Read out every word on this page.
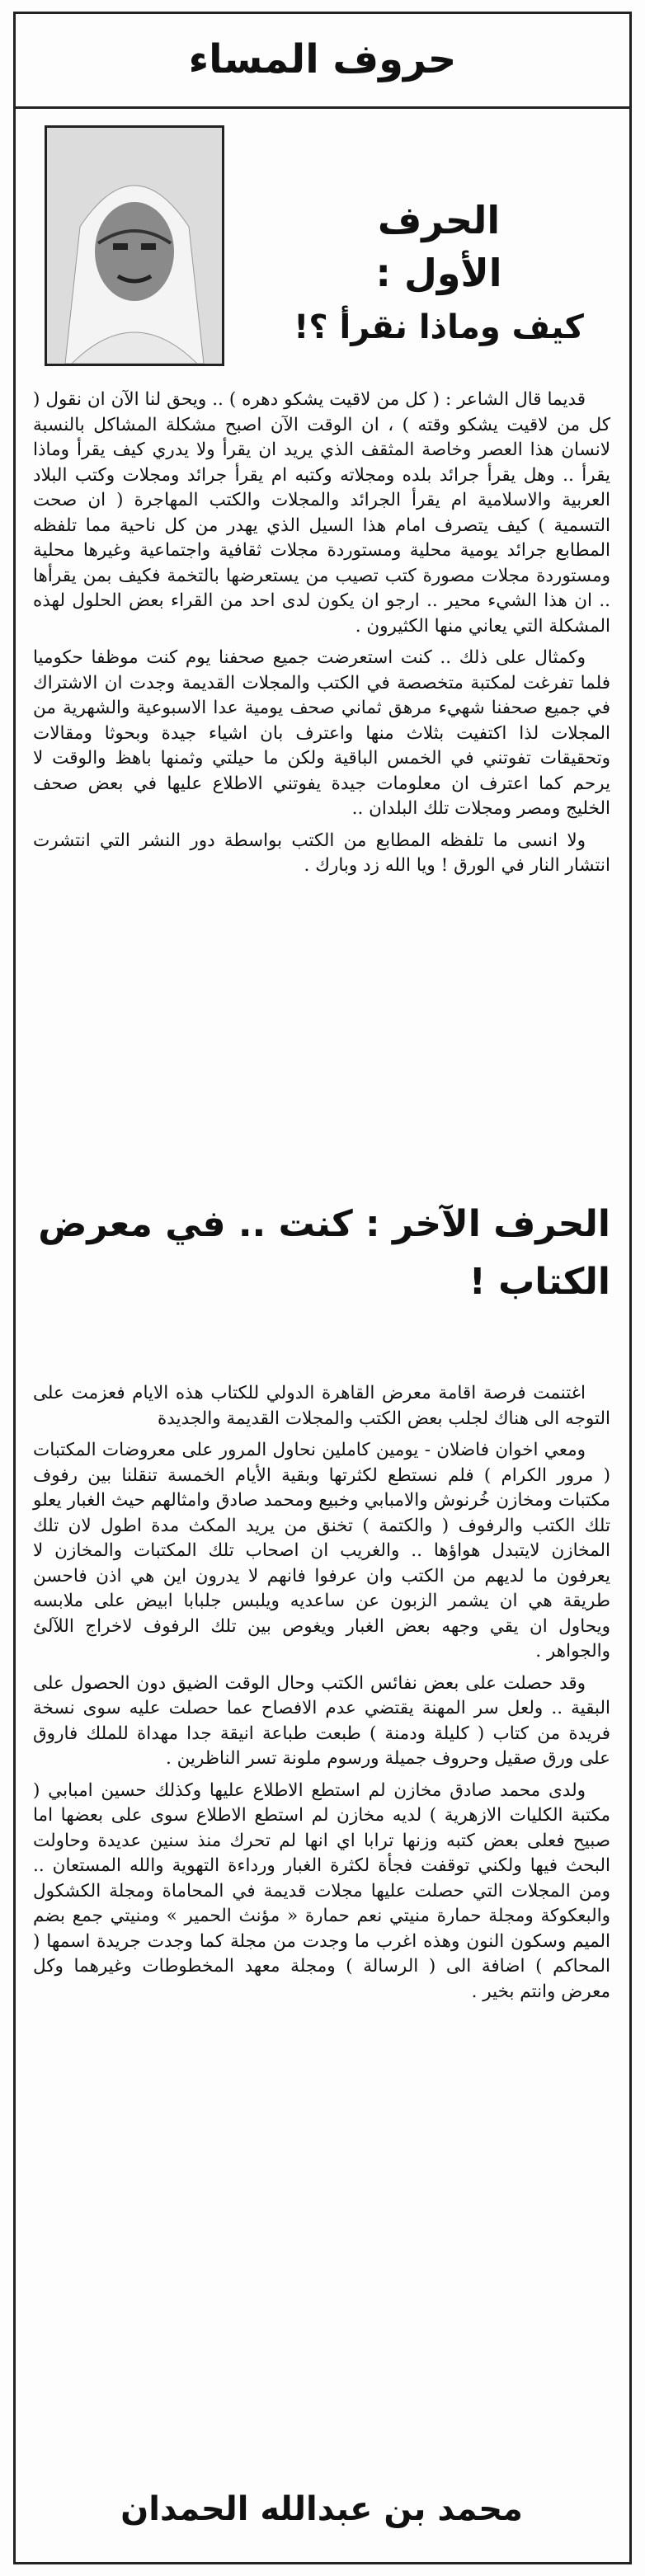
حروف المساء

الحرف

الأول :

كيف وماذا نقرأ ؟!

قديما قال الشاعر : ( كل من لاقيت يشكو دهره ) .. ويحق لنا الآن ان نقول ( كل من لاقيت يشكو وقته ) ، ان الوقت الآن اصبح مشكلة المشاكل بالنسبة لانسان هذا العصر وخاصة المثقف الذي يريد ان يقرأ ولا يدري كيف يقرأ وماذا يقرأ .. وهل يقرأ جرائد بلده ومجلاته وكتبه ام يقرأ جرائد ومجلات وكتب البلاد العربية والاسلامية ام يقرأ الجرائد والمجلات والكتب المهاجرة ( ان صحت التسمية ) كيف يتصرف امام هذا السيل الذي يهدر من كل ناحية مما تلفظه المطابع جرائد يومية محلية ومستوردة مجلات ثقافية واجتماعية وغيرها محلية ومستوردة مجلات مصورة كتب تصيب من يستعرضها بالتخمة فكيف بمن يقرأها .. ان هذا الشيء محير .. ارجو ان يكون لدى احد من القراء بعض الحلول لهذه المشكلة التي يعاني منها الكثيرون .

وكمثال على ذلك .. كنت استعرضت جميع صحفنا يوم كنت موظفا حكوميا فلما تفرغت لمكتبة متخصصة في الكتب والمجلات القديمة وجدت ان الاشتراك في جميع صحفنا شهيء مرهق ثماني صحف يومية عدا الاسبوعية والشهرية من المجلات لذا اكتفيت بثلاث منها واعترف بان اشياء جيدة وبحوثا ومقالات وتحقيقات تفوتني في الخمس الباقية ولكن ما حيلتي وثمنها باهظ والوقت لا يرحم كما اعترف ان معلومات جيدة يفوتني الاطلاع عليها في بعض صحف الخليج ومصر ومجلات تلك البلدان ..

ولا انسى ما تلفظه المطابع من الكتب بواسطة دور النشر التي انتشرت انتشار النار في الورق ! ويا الله زد وبارك .

الحرف الآخر : كنت .. في معرض الكتاب !

اغتنمت فرصة اقامة معرض القاهرة الدولي للكتاب هذه الايام فعزمت على التوجه الى هناك لجلب بعض الكتب والمجلات القديمة والجديدة

ومعي اخوان فاضلان - يومين كاملين نحاول المرور على معروضات المكتبات ( مرور الكرام ) فلم نستطع لكثرتها وبقية الأيام الخمسة تنقلنا بين رفوف مكتبات ومخازن خُرنوش والامبابي وخبيع ومحمد صادق وامثالهم حيث الغبار يعلو تلك الكتب والرفوف ( والكتمة ) تخنق من يريد المكث مدة اطول لان تلك المخازن لايتبدل هواؤها .. والغريب ان اصحاب تلك المكتبات والمخازن لا يعرفون ما لديهم من الكتب وان عرفوا فانهم لا يدرون اين هي اذن فاحسن طريقة هي ان يشمر الزبون عن ساعديه ويلبس جلبابا ابيض على ملابسه ويحاول ان يقي وجهه بعض الغبار ويغوص بين تلك الرفوف لاخراج اللآلئ والجواهر .

وقد حصلت على بعض نفائس الكتب وحال الوقت الضيق دون الحصول على البقية .. ولعل سر المهنة يقتضي عدم الافصاح عما حصلت عليه سوى نسخة فريدة من كتاب ( كليلة ودمنة ) طبعت طباعة انيقة جدا مهداة للملك فاروق على ورق صقيل وحروف جميلة ورسوم ملونة تسر الناظرين .

ولدى محمد صادق مخازن لم استطع الاطلاع عليها وكذلك حسين امبابي ( مكتبة الكليات الازهرية ) لديه مخازن لم استطع الاطلاع سوى على بعضها اما صبيح فعلى بعض كتبه وزنها ترابا اي انها لم تحرك منذ سنين عديدة وحاولت البحث فيها ولكني توقفت فجأة لكثرة الغبار ورداءة التهوية والله المستعان .. ومن المجلات التي حصلت عليها مجلات قديمة في المحاماة ومجلة الكشكول والبعكوكة ومجلة حمارة منيتي نعم حمارة « مؤنث الحمير » ومنيتي جمع بضم الميم وسكون النون وهذه اغرب ما وجدت من مجلة كما وجدت جريدة اسمها ( المحاكم ) اضافة الى ( الرسالة ) ومجلة معهد المخطوطات وغيرهما وكل معرض وانتم بخير .

محمد بن عبدالله الحمدان
